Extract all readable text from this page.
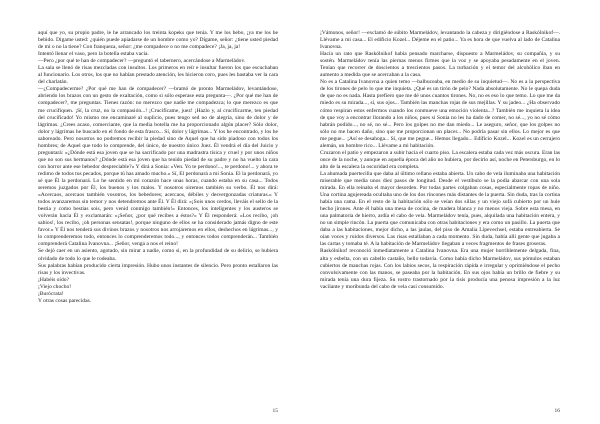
aquí que yo, su propio padre, le he arrancado los treinta kopeks que tenía. Y me los bebo, ¡ya me los he bebido. Digame usted: ¿quién puede apiadarse de un hombre como yo? Dígame, señor: ¿tiene usted piedad de mí o no la tiene? Con franqueza, señor: ¿me compadece o no me compadece? ¡Ja, ja, ja!

Intentó llenar el vaso, pero la botella estaba vacía.

—Pero ¿por qué te han de compadecer? —preguntó el tabernero, acercándose a Marmeládov.

La sala se llenó de risas mezcladas con insultos. Los primeros en reír e insultar fueron los que escuchaban al funcionario. Los otros, los que no habían prestado atención, les hicieron coro, pues les bastaba ver la cara del charlatán.

—¿Compadecerme? ¿Por qué me han de compadecer? —bramó de pronto Marmeládov, levantándose, abriendo los brazos con un gesto de exaltación, como si sólo esperase esta pregunta—. ¿Por qué me han de compadecer?, me preguntas. Tienes razón: no merezco que nadie me compadezca; lo que merezco es que me crucifiquen. ¡Sí, la cruz, no la compasión...! ¡Crucifícame, juez! ¡Hazlo y, al crucificarme, ten piedad del crucificado! Yo mismo me encaminaré al suplicio, pues tengo sed no de alegría, sino de dolor y de lágrimas. ¿Crees acaso, comerciante, que la media botella me ha proporcionado algún placer? Sólo dolor, dolor y lágrimas he buscado en el fondo de esta frasco... Sí, dolor y lágrimas... Y los he encontrado, y los he saboreado. Pero nosotros no podremos recibir la piedad sino de Aquel que ha sido piadoso con todos los hombres; de Aquel que todo lo comprende, del único, de nuestro único Juez. Él vendrá el día del Juicio y preguntará: «¿Dónde está esa joven que se ha sacrificado por una madrastra tísica y cruel y por unos niños que no son sus hermanos? ¿Dónde está esa joven que ha tenido piedad de su padre y no ha vuelto la cara con horror ante ese bebedor despreciable?» Y dirá a Sonia: «Ven. Yo te perdono!..., te perdono!... y ahora te redimo de todos tus pecados, porque tú has amado mucho.» Sí, El perdonará a mi Sonia. El la perdonará, yo sé que Él la perdonará. Lo he sentido en mi corazón hace unas horas, cuando estaba en su casa... Todos seremos juzgados por Él, los buenos y los malos. Y nosotros oiremos también su verbo. Él nos dirá: «Acercaos, acercaos también vosotros, los bebedores; acercaos, débiles y desvergonzadas criaturas.» Y todos avanzaremos sin temor y nos detendremos ante Él. Y Él dirá: «¡Sois unos cerdos, lleváis el sello de la bestia y como bestias sois, pero venid conmigo también!» Entonces, los inteligentes y los austeros se volverán hacia Él y exclamarán: «¡Señor, ¿por qué recibes a éstos?» Y Él responderá: «Los recibo, ¡oh sabios!, los recibo, ¡oh personas sensatas!, porque ninguno de ellos se ha considerado jamás digno de este favor.» Y Él nos tenderá sus divinos brazos y nosotros nos arrojaremos en ellos, deshechos en lágrimas..., y lo comprenderemos todo, entonces lo comprenderemos todo..., y entonces todos comprenderán... También comprenderá Catalina Ivanovna... ¡Señor, venga a nos el reino!

Se dejó caer en un asiento, agotado, sin mirar a nadie, como si, en la profundidad de su delirio, se hubiera olvidado de todo lo que le rodeaba.

Sus palabras habían producido cierta impresión. Hubo unos instantes de silencio. Pero pronto estallaron las risas y los invectivas.

¡Habéis oído?

¡Viejo chocho!

¡Burócrata!

Y otras cosas parecidas.

15

¡Vámonos, señor! —exclamó de súbito Marmeládov, levantando la cabeza y dirigiéndose a Raskólnikof—. Llévame a mi casa... El edificio Kozel... Déjeme en el patio... Ya es hora de que vuelva al lado de Catalina Ivanovna.

Hacía un rato que Raskólnikof había pensado marcharse, dispuesto a Marmeládov, su compañía, y su sostén. Marmeládov tenía las piernas menos firmes que la voz y se apoyaba pesadamente en el joven. Tenían que recorrer de doscientos a trescientos pasos. La turbación y el temor del alcohólico iban en aumento a medida que se acercaban a la casa.

No es a Catalina Ivanovna a quien temo —balbuceaba, en medio de su inquietud—. No es a la perspectiva de los tirones de pelo lo que me inquieta. ¿Qué es un tirón de pelo? Nada absolutamente. No le quepa duda de que no es nada. Hasta prefiero que me dé unos cuantos tirones. No, no es eso lo que temo. Lo que me da miedo es su mirada..., sí, sus ojos... También las manchas rojas de sus mejillas. Y su jadeo... ¿Ha observado cómo respiran estos enfermos cuando los conmueve una emoción violenta...? También me inquieta la idea de que voy a encontrar llorando a los niños, pues si Sonia no les ha dado de comer, no sé..., yo no sé cómo habrán podido..., no sé, no sé... Pero los golpes no me dan miedo... Le aseguro, señor, que los golpes no sólo no me hacen daño, sino que me proporcionan un placer... No podría pasar sin ellos. Lo mejor es que me pegue... ¡Así se desahoga... Sí, que me pegue... Hemos llegado... Edificio Kozel... Kozel es un cerrajero alemán, un hombre rico... Llévame a mi habitación.

Cruzaron el patio y empezaron a subir hacia el cuarto piso. La escalera estaba cada vez más oscura. Eran las once de la noche, y aunque en aquella época del año no hubiera, por decirlo así, noche en Petersburgo, en lo alto de la escalera la oscuridad era completa.

La ahumada puertecilla que daba al último rellano estaba abierta. Un cabo de vela iluminaba una habitación miserable que medía unos diez pasos de longitud. Desde el vestíbulo se la podía abarcar con una sola mirada. En ella reinaba el mayor desorden. Por todas partes colgaban cosas, especialmente ropas de niño. Una cortina agujereada ocultaba uno de los dos rincones más distantes de la puerta. Sin duda, tras la cortina había una cama. En el resto de la habitación sólo se veían dos sillas y un viejo sofá cubierto por un hule hecho jirones. Ante él había una mesa de cocina, de madera blanca y no menos vieja. Sobre esta mesa, en una palmatoria de hierro, ardía el cabo de vela. Marmeládov tenía, pues, alquilada una habitación entera, y no un simple rincón. La puerta que comunicaba con otras habitaciones y era como un pasillo. La puerta que daba a las habitaciones, mejor dicho, a las jaulas, del piso de Amalia Lipevechsel, estaba entreabierta. Se oían voces y ruidos diversos. Las risas estallaban a cada momento. Sin duda, había allí gente que jugaba a las cartas y tomaba té. A la habitación de Marmeládov llegaban a veces fragmentos de frases groseras.

Raskólnikof reconoció inmediatamente a Catalina Ivanovna. Era una mujer horriblemente delgada, fina, alta y esbelta, con un cabello castaño, bello todavía. Como había dicho Marmeládov, sus pómulos estaban cubiertos de manchas rojas. Con los labios secos, la respiración rápida e irregular y oprimiéndose el pecho convulsivamente con las manos, se paseaba por la habitación. En sus ojos había un brillo de fiebre y su mirada tenía una dura fijeza. Su rostro trastornado por la tisis producía una penosa impresión a la luz vacilante y moribunda del cabo de vela casi consumido.

16
